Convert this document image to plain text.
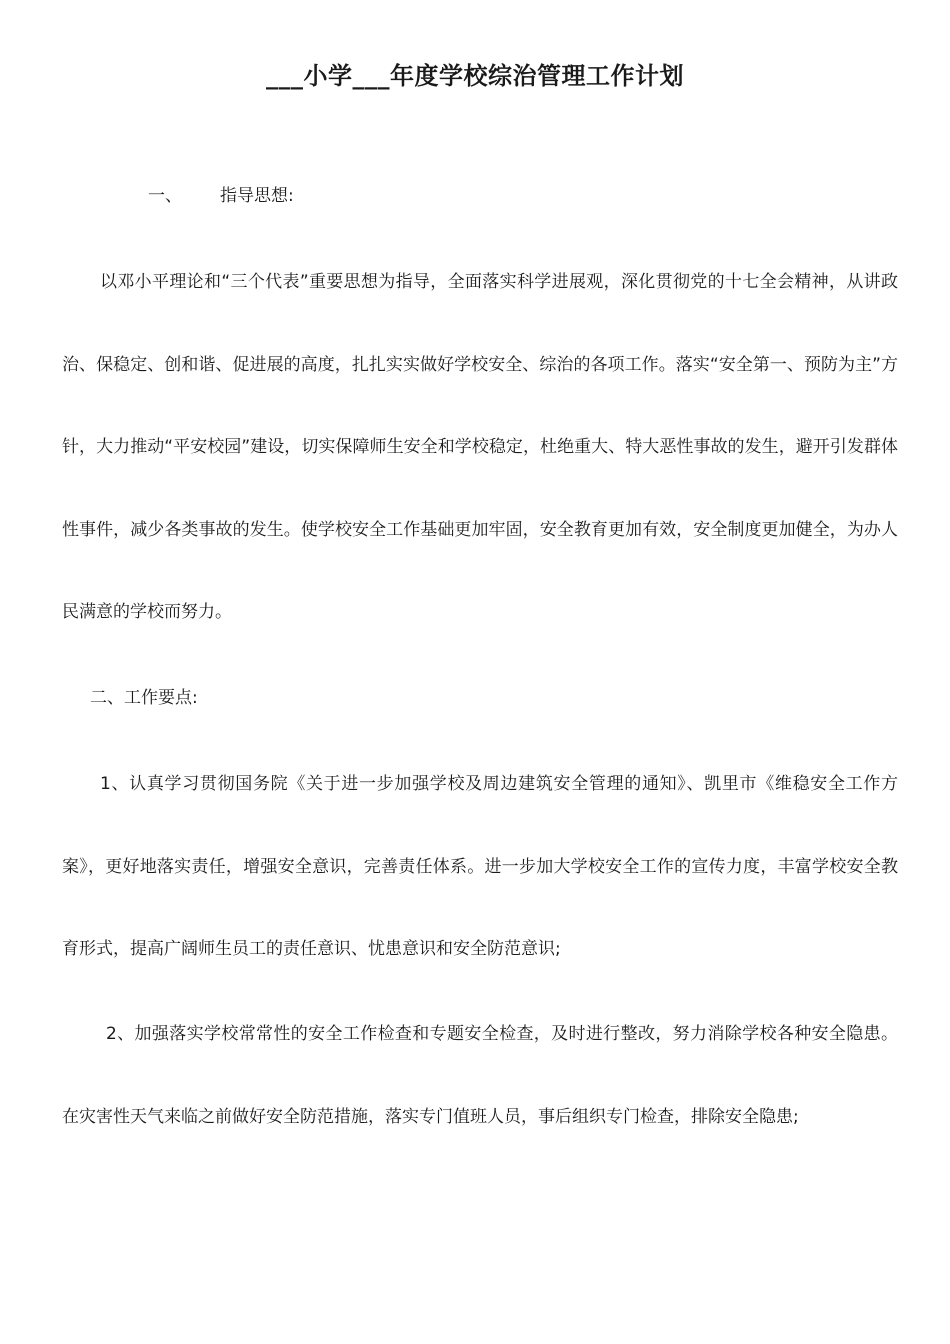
___小学___年度学校综治管理工作计划
一、 指导思想:
以邓小平理论和“三个代表”重要思想为指导，全面落实科学进展观，深化贯彻党的十七全会精神，从讲政治、保稳定、创和谐、促进展的高度，扎扎实实做好学校安全、综治的各项工作。落实“安全第一、预防为主”方针，大力推动“平安校园”建设，切实保障师生安全和学校稳定，杜绝重大、特大恶性事故的发生，避开引发群体性事件，减少各类事故的发生。使学校安全工作基础更加牢固，安全教育更加有效，安全制度更加健全，为办人民满意的学校而努力。
二、工作要点:
1、认真学习贯彻国务院《关于进一步加强学校及周边建筑安全管理的通知》、凯里市《维稳安全工作方案》，更好地落实责任，增强安全意识，完善责任体系。进一步加大学校安全工作的宣传力度，丰富学校安全教育形式，提高广阔师生员工的责任意识、忧患意识和安全防范意识;
2、加强落实学校常常性的安全工作检查和专题安全检查，及时进行整改，努力消除学校各种安全隐患。在灾害性天气来临之前做好安全防范措施，落实专门值班人员，事后组织专门检查，排除安全隐患;
